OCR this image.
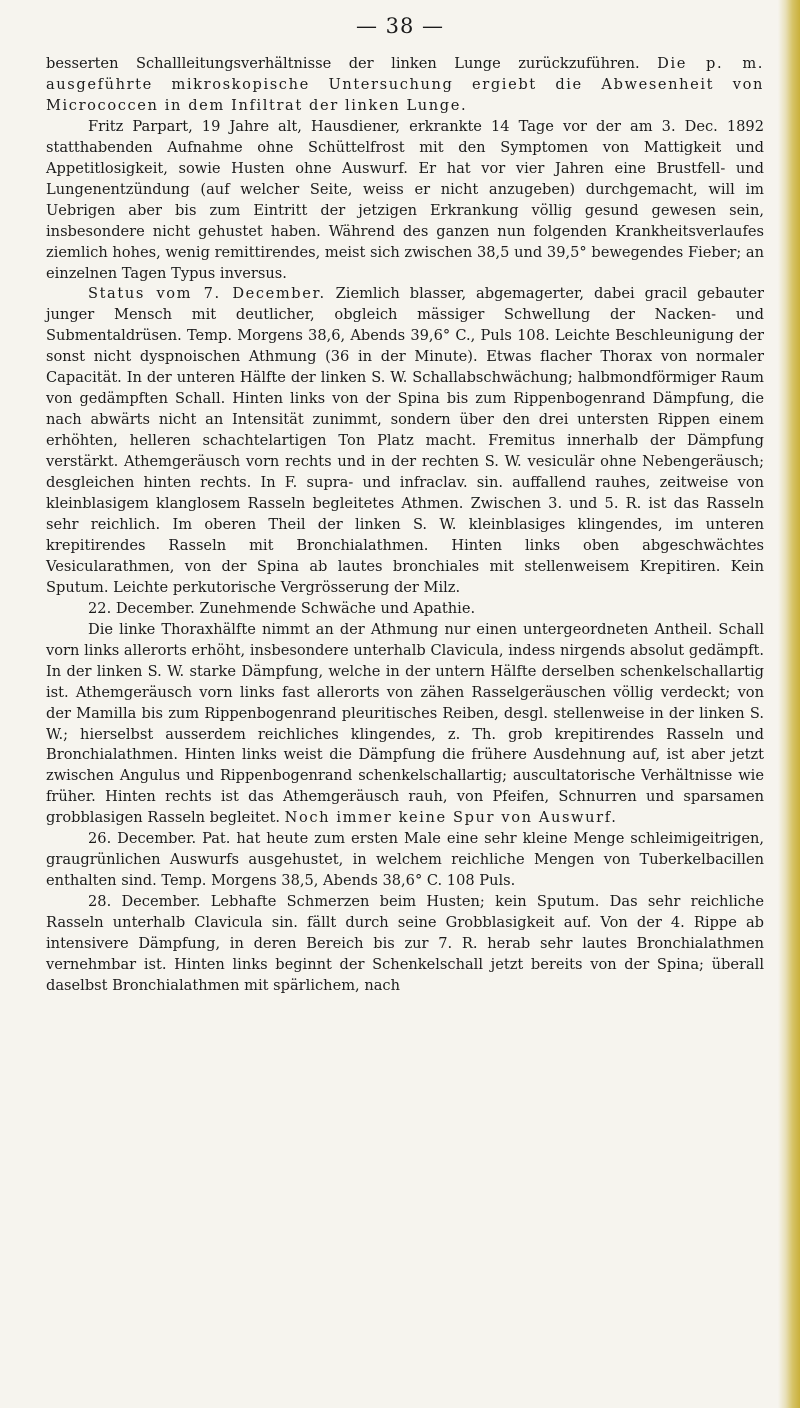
— 38 —

besserten Schallleitungsverhältnisse der linken Lunge zurückzuführen. Die p. m. ausgeführte mikroskopische Untersuchung ergiebt die Abwesenheit von Micrococcen in dem Infiltrat der linken Lunge.

Fritz Parpart, 19 Jahre alt, Hausdiener, erkrankte 14 Tage vor der am 3. Dec. 1892 statthabenden Aufnahme ohne Schüttelfrost mit den Symptomen von Mattigkeit und Appetitlosigkeit, sowie Husten ohne Auswurf. Er hat vor vier Jahren eine Brustfell- und Lungenentzündung (auf welcher Seite, weiss er nicht anzugeben) durchgemacht, will im Uebrigen aber bis zum Eintritt der jetzigen Erkrankung völlig gesund gewesen sein, insbesondere nicht gehustet haben. Während des ganzen nun folgenden Krankheitsverlaufes ziemlich hohes, wenig remittirendes, meist sich zwischen 38,5 und 39,5° bewegendes Fieber; an einzelnen Tagen Typus inversus.

Status vom 7. December. Ziemlich blasser, abgemagerter, dabei gracil gebauter junger Mensch mit deutlicher, obgleich mässiger Schwellung der Nacken- und Submentaldrüsen. Temp. Morgens 38,6, Abends 39,6° C., Puls 108. Leichte Beschleunigung der sonst nicht dyspnoischen Athmung (36 in der Minute). Etwas flacher Thorax von normaler Capacität. In der unteren Hälfte der linken S. W. Schallabschwächung; halbmondförmiger Raum von gedämpften Schall. Hinten links von der Spina bis zum Rippenbogenrand Dämpfung, die nach abwärts nicht an Intensität zunimmt, sondern über den drei untersten Rippen einem erhöhten, helleren schachtelartigen Ton Platz macht. Fremitus innerhalb der Dämpfung verstärkt. Athemgeräusch vorn rechts und in der rechten S. W. vesiculär ohne Nebengeräusch; desgleichen hinten rechts. In F. supra- und infraclav. sin. auffallend rauhes, zeitweise von kleinblasigem klanglosem Rasseln begleitetes Athmen. Zwischen 3. und 5. R. ist das Rasseln sehr reichlich. Im oberen Theil der linken S. W. kleinblasiges klingendes, im unteren krepitirendes Rasseln mit Bronchialathmen. Hinten links oben abgeschwächtes Vesicularathmen, von der Spina ab lautes bronchiales mit stellenweisem Krepitiren. Kein Sputum. Leichte perkutorische Vergrösserung der Milz.

22. December. Zunehmende Schwäche und Apathie.

Die linke Thoraxhälfte nimmt an der Athmung nur einen untergeordneten Antheil. Schall vorn links allerorts erhöht, insbesondere unterhalb Clavicula, indess nirgends absolut gedämpft. In der linken S. W. starke Dämpfung, welche in der untern Hälfte derselben schenkelschallartig ist. Athemgeräusch vorn links fast allerorts von zähen Rasselgeräuschen völlig verdeckt; von der Mamilla bis zum Rippenbogenrand pleuritisches Reiben, desgl. stellenweise in der linken S. W.; hierselbst ausserdem reichliches klingendes, z. Th. grob krepitirendes Rasseln und Bronchialathmen. Hinten links weist die Dämpfung die frühere Ausdehnung auf, ist aber jetzt zwischen Angulus und Rippenbogenrand schenkelschallartig; auscultatorische Verhältnisse wie früher. Hinten rechts ist das Athemgeräusch rauh, von Pfeifen, Schnurren und sparsamen grobblasigen Rasseln begleitet. Noch immer keine Spur von Auswurf.

26. December. Pat. hat heute zum ersten Male eine sehr kleine Menge schleimigeitrigen, graugrünlichen Auswurfs ausgehustet, in welchem reichliche Mengen von Tuberkelbacillen enthalten sind. Temp. Morgens 38,5, Abends 38,6° C. 108 Puls.

28. December. Lebhafte Schmerzen beim Husten; kein Sputum. Das sehr reichliche Rasseln unterhalb Clavicula sin. fällt durch seine Grobblasigkeit auf. Von der 4. Rippe ab intensivere Dämpfung, in deren Bereich bis zur 7. R. herab sehr lautes Bronchialathmen vernehmbar ist. Hinten links beginnt der Schenkelschall jetzt bereits von der Spina; überall daselbst Bronchialathmen mit spärlichem, nach
